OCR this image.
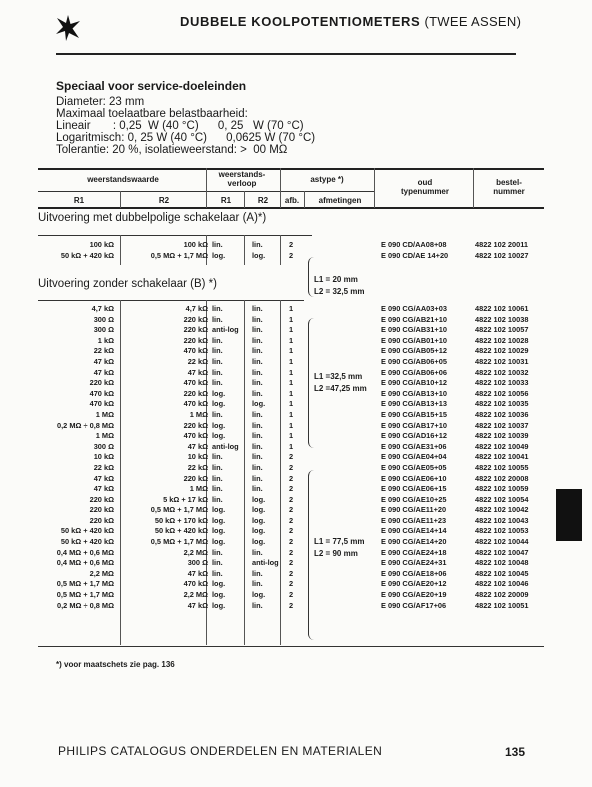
DUBBELE KOOLPOTENTIOMETERS (TWEE ASSEN)
Speciaal voor service-doeleinden
Diameter: 23 mm
Maximaal toelaatbare belastbaarheid:
Lineair       : 0,25  W (40 °C)      0, 25   W (70 °C)
Logaritmisch: 0, 25 W (40 °C)      0,0625 W (70 °C)
Tolerantie: 20 %, isolatieweerstand: >  00 MΩ
weerstandswaarde
weerstands-
verloop	astype *)	oud
typenummer
bestel-
nummer
R1	R2	R1	R2	afb.	afmetingen
Uitvoering met dubbelpolige schakelaar (A)*)
100 kΩ	100 kΩ lin.	lin.	2	E 090 CD/AA08+08	4822 102 20011
50 kΩ + 420 kΩ	0,5 MΩ + 1,7 MΩ log.	log.	2	E 090 CD/AE 14+20	4822 102 10027
Uitvoering zonder schakelaar (B) *)
4,7 kΩ	4,7 kΩ lin.	lin.	1	E 090 CG/AA03+03	4822 102 10061
300 Ω	220 kΩ lin.	lin.	1	E 090 CG/AB21+10	4822 102 10038
300 Ω	220 kΩ anti-log lin.	1	E 090 CG/AB31+10	4822 102 10057
1 kΩ	220 kΩ lin.	lin.	1	E 090 CG/AB01+10	4822 102 10028
22 kΩ	470 kΩ lin.	lin.	1	E 090 CG/AB05+12	4822 102 10029
47 kΩ	22 kΩ lin.	lin.	1	E 090 CG/AB06+05	4822 102 10031
47 kΩ	47 kΩ lin.	lin.	1	E 090 CG/AB06+06	4822 102 10032
220 kΩ	470 kΩ lin.	lin.	1	E 090 CG/AB10+12	4822 102 10033
470 kΩ	220 kΩ log.	lin.	1	E 090 CG/AB13+10	4822 102 10056
470 kΩ	470 kΩ log.	log.	1	E 090 CG/AB13+13	4822 102 10035
1 MΩ	1 MΩ lin.	lin.	1	E 090 CG/AB15+15	4822 102 10036
0,2 MΩ ÷ 0,8 MΩ	220 kΩ log.	lin.	1	E 090 CG/AB17+10	4822 102 10037
1 MΩ	470 kΩ log.	lin.	1	E 090 CG/AD16+12	4822 102 10039
300 Ω	47 kΩ anti-log lin.	1	E 090 CG/AE31+06	4822 102 10049
10 kΩ	10 kΩ lin.	lin.	2	E 090 CG/AE04+04	4822 102 10041
22 kΩ	22 kΩ lin.	lin.	2	E 090 CG/AE05+05	4822 102 10055
47 kΩ	220 kΩ lin.	lin.	2	E 090 CG/AE06+10	4822 102 20008
47 kΩ	1 MΩ lin.	lin.	2	E 090 CG/AE06+15	4822 102 10059
220 kΩ	5 kΩ + 17 kΩ lin.	log.	2	E 090 CG/AE10+25	4822 102 10054
220 kΩ	0,5 MΩ + 1,7 MΩ log.	log.	2	E 090 CG/AE11+20	4822 102 10042
220 kΩ	50 kΩ + 170 kΩ log.	log.	2	E 090 CG/AE11+23	4822 102 10043
50 kΩ + 420 kΩ	50 kΩ + 420 kΩ log.	log.	2	E 090 CG/AE14+14	4822 102 10053
50 kΩ + 420 kΩ	0,5 MΩ + 1,7 MΩ log.	log.	2	E 090 CG/AE14+20	4822 102 10044
0,4 MΩ + 0,6 MΩ	2,2 MΩ lin.	lin.	2	E 090 CG/AE24+18	4822 102 10047
0,4 MΩ + 0,6 MΩ	300 Ω lin.	anti-log 2	E 090 CG/AE24+31	4822 102 10048
2,2 MΩ	47 kΩ lin.	lin.	2	E 090 CG/AE18+06	4822 102 10045
0,5 MΩ + 1,7 MΩ	470 kΩ log.	lin.	2	E 090 CG/AE20+12	4822 102 10046
0,5 MΩ + 1,7 MΩ	2,2 MΩ log.	log.	2	E 090 CG/AE20+19	4822 102 20009
0,2 MΩ ÷ 0,8 MΩ	47 kΩ log.	lin.	2	E 090 CG/AF17+06	4822 102 10051
L1 = 20 mm
L2 = 32,5 mm
L1 =32,5 mm
L2 =47,25 mm
L1 = 77,5 mm
L2 = 90 mm
*) voor maatschets zie pag. 136
PHILIPS CATALOGUS ONDERDELEN EN MATERIALEN	135
